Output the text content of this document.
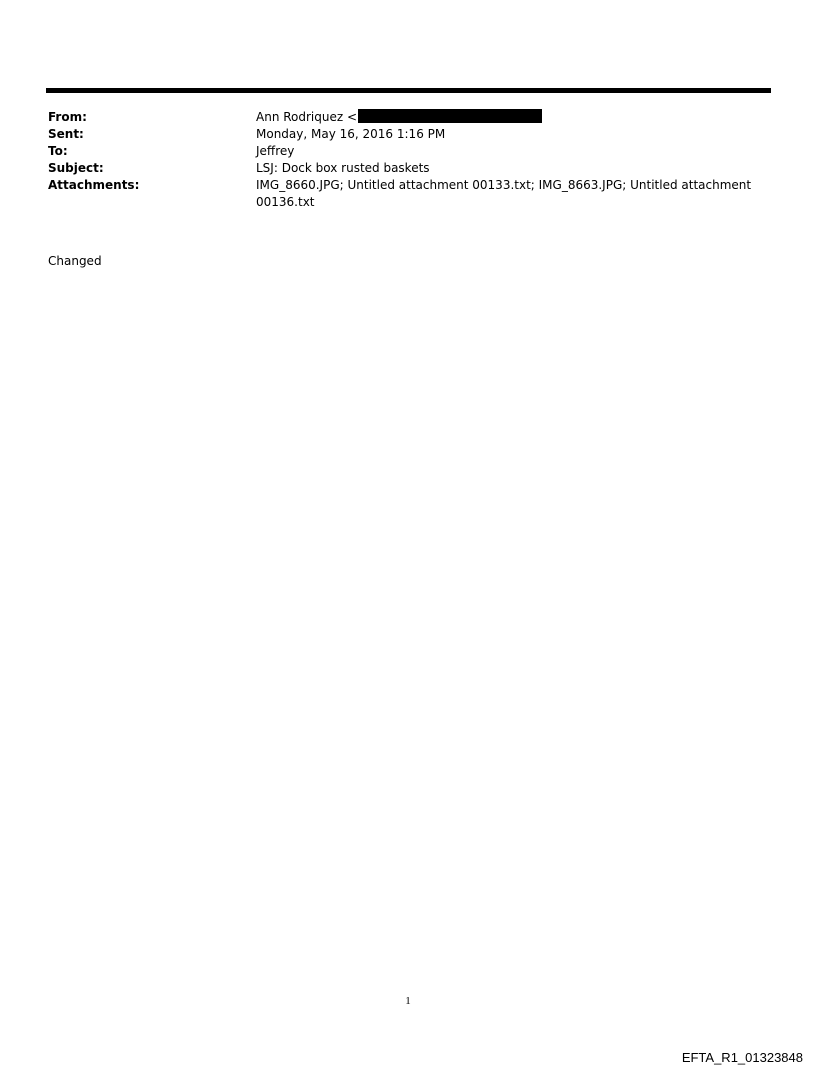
From:	Ann Rodriquez <
Sent:	Monday, May 16, 2016 1:16 PM
To:	Jeffrey
Subject:	LSJ: Dock box rusted baskets
Attachments:	IMG_8660.JPG; Untitled attachment 00133.txt; IMG_8663.JPG; Untitled attachment 00136.txt
Changed
1
EFTA_R1_01323848
